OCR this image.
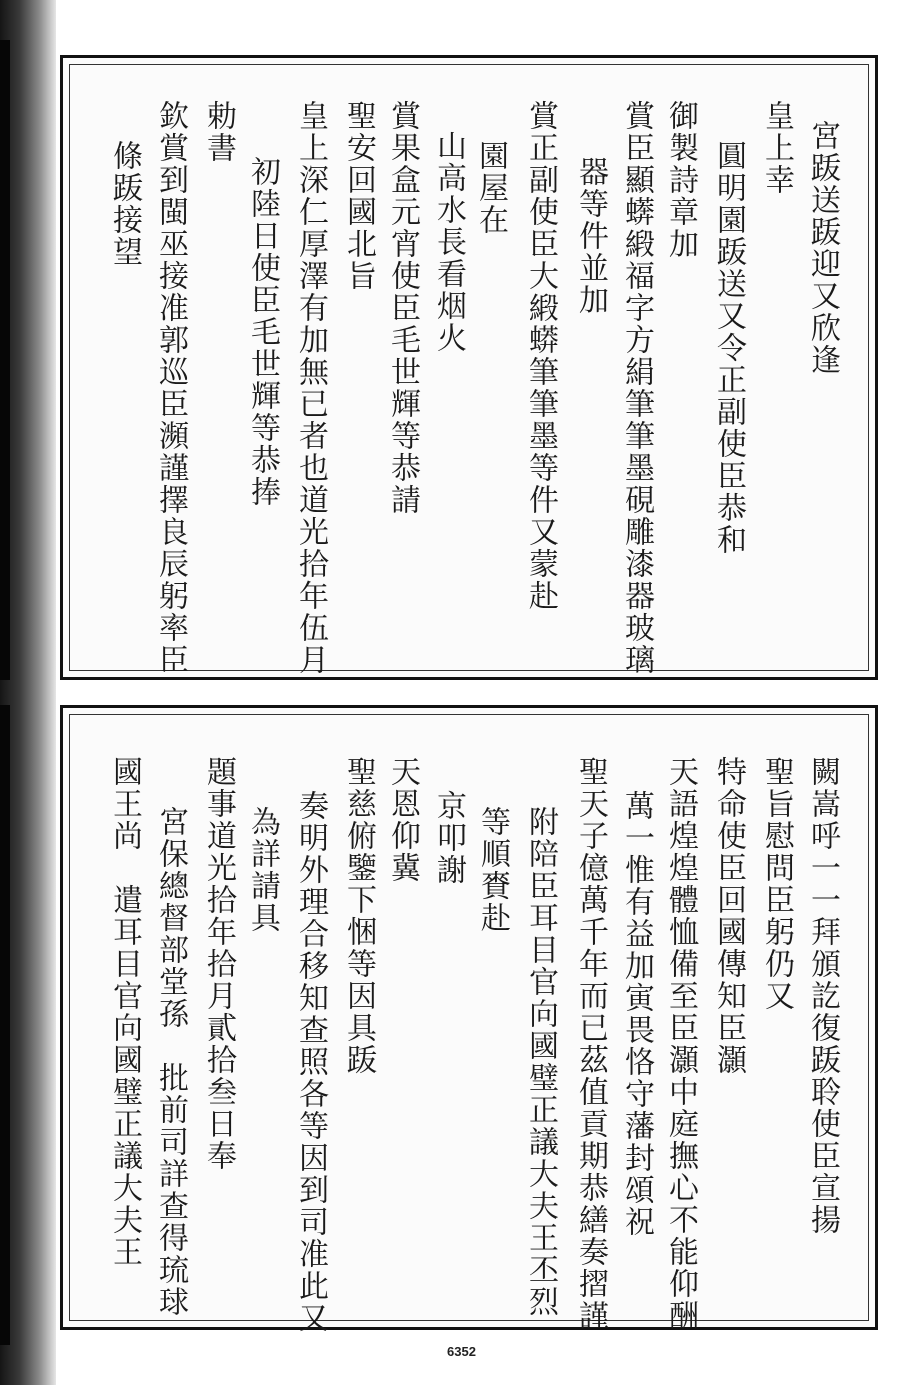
宮䟦送䟦迎又欣逢
皇上幸
圓明園䟦送又令正副使臣恭和
御製詩章加
賞臣顯蠎緞福字方絹筆筆墨硯雕漆器玻璃
器等件並加
賞正副使臣大緞蟒筆筆墨等件又蒙赴
園屋在
山高水長看烟火
賞果盒元宵使臣毛世輝等恭請
聖安回國北旨
皇上深仁厚澤有加無已者也道光拾年伍月
初陸日使臣毛世輝等恭捧
勅書
欽賞到閩巫接准郭巡臣瀕謹擇良辰躬率臣
條䟦接望
闕嵩呼一一拜頒訖復䟦聆使臣宣揚
聖旨慰問臣躬仍又
特命使臣回國傳知臣灝
天語煌煌體恤備至臣灝中庭撫心不能仰酬
萬一惟有益加寅畏恪守藩封頌祝
聖天子億萬千年而已茲值貢期恭繕奏摺謹
附陪臣耳目官向國璧正議大夫王丕烈
等順賚赴
京叩謝
天恩仰冀
聖慈俯鑒下悃等因具䟦
奏明外理合移知查照各等因到司准此又
為詳請具
題事道光拾年拾月貳拾叁日奉
宮保總督部堂孫　批前司詳查得琉球
國王尚　遣耳目官向國璧正議大夫王
6352
